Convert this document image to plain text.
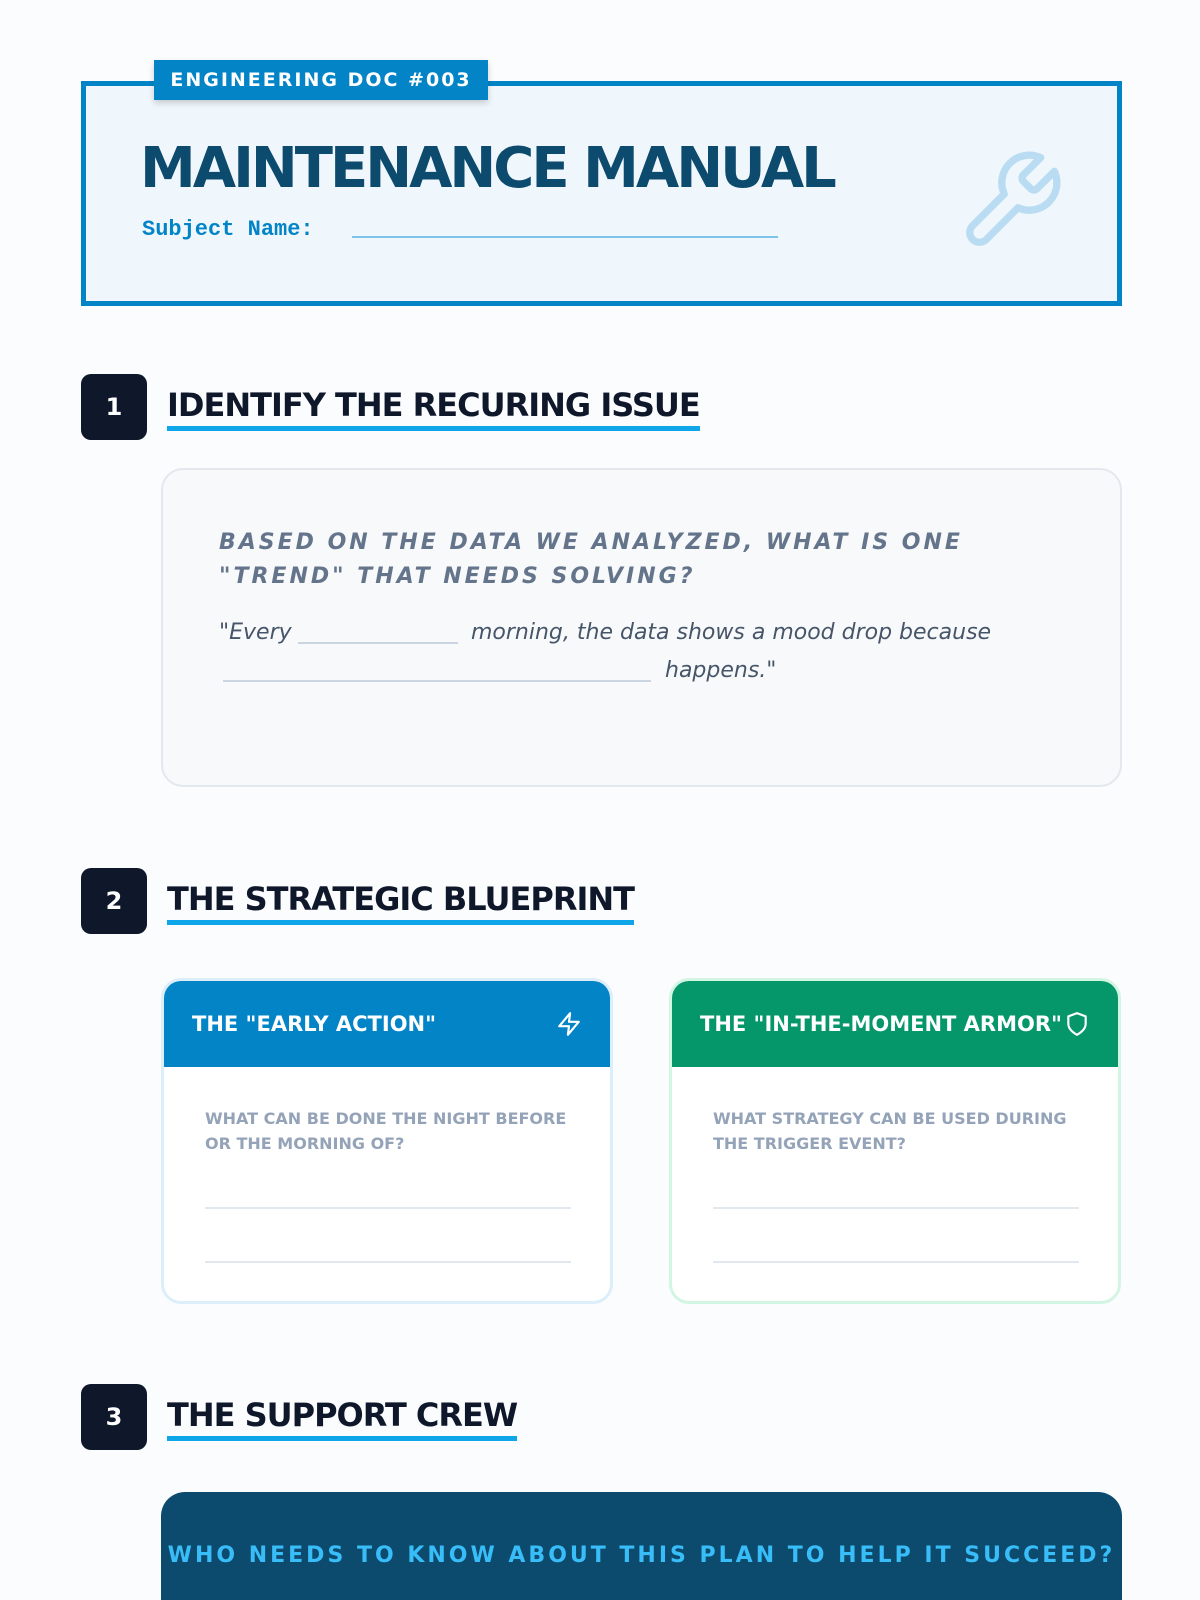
ENGINEERING DOC #003
MAINTENANCE MANUAL
Subject Name:
1	IDENTIFY THE RECURING ISSUE
BASED ON THE DATA WE ANALYZED, WHAT IS ONE "TREND" THAT NEEDS SOLVING?
"Every	morning, the data shows a mood drop because
happens."
2	THE STRATEGIC BLUEPRINT
THE "EARLY ACTION"
WHAT CAN BE DONE THE NIGHT BEFORE OR THE MORNING OF?
THE "IN-THE-MOMENT ARMOR"
WHAT STRATEGY CAN BE USED DURING THE TRIGGER EVENT?
3	THE SUPPORT CREW
WHO NEEDS TO KNOW ABOUT THIS PLAN TO HELP IT SUCCEED?
